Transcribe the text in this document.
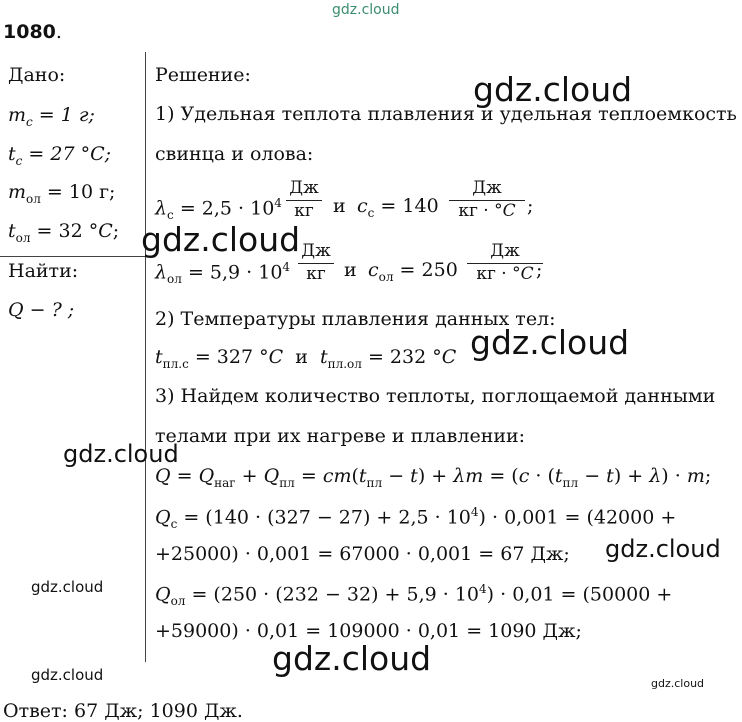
gdz.cloud
1080.
Дано:
$m_с = 1$ г;
$t_с = 27$ °C;
$m_{ол} = 10$ г;
$t_{ол} = 32$ °C;
Найти:
Q − ? ;
Решение:
1) Удельная теплота плавления и удельная теплоемкость
свинца и олова:
$\lambda_с = 2,5 \cdot 10^4$
Дж
кг	и $c_с = 140$
Дж
кг · °C ;
$\lambda_{ол} = 5,9 \cdot 10^4$
Дж
кг и $c_{ол} = 250$
Дж
кг · °C ;
2) Температуры плавления данных тел:
$t_{пл.с} = 327$ °C  и  $t_{пл.ол} = 232$ °C
3) Найдем количество теплоты, поглощаемой данными
телами при их нагреве и плавлении:
$Q = Q_{наг} + Q_{пл} = cm(t_{пл} - t) + \lambda m = (c \cdot (t_{пл} - t) + \lambda) \cdot m$;
$Q_с = (140 \cdot (327 - 27) + 2,5 \cdot 10^4) \cdot 0,001 = (42000$ +
+25000) · 0,001 = 67000 · 0,001 = 67 Дж;
$Q_{ол} = (250 \cdot (232 - 32) + 5,9 \cdot 10^4) \cdot 0,01 = (50000$ +
+59000) · 0,01 = 109000 · 0,01 = 1090 Дж;
Ответ: 67 Дж; 1090 Дж.
gdz.cloud
gdz.cloud
gdz.cloud
gdz.cloud
gdz.cloud
gdz.cloud
gdz.cloud
gdz.cloud	gdz.cloud
